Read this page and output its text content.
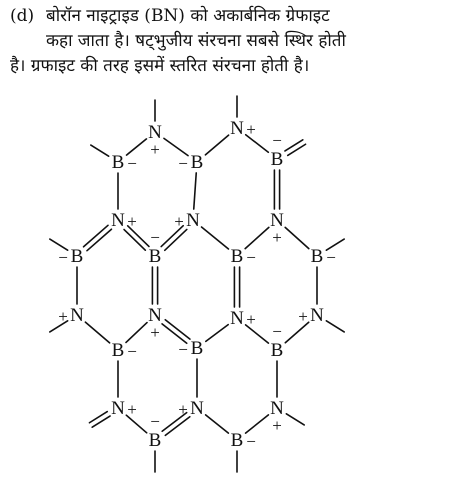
(d) बोरॉन नाइट्राइड (BN) को अकार्बनिक ग्रेफाइट
कहा जाता है। षट्भुजीय संरचना सबसे स्थिर होती
है। ग्रफाइट की तरह इसमें स्तरित संरचना होती है।
N
+
N +
B −	B
−	B
−
N +	N
+	N
+
B
−	B
−
B −	B −
N
+	N
+
N +	N
+
B −	B
−	B
−
N +	N
+	N
+
B
−
B −
